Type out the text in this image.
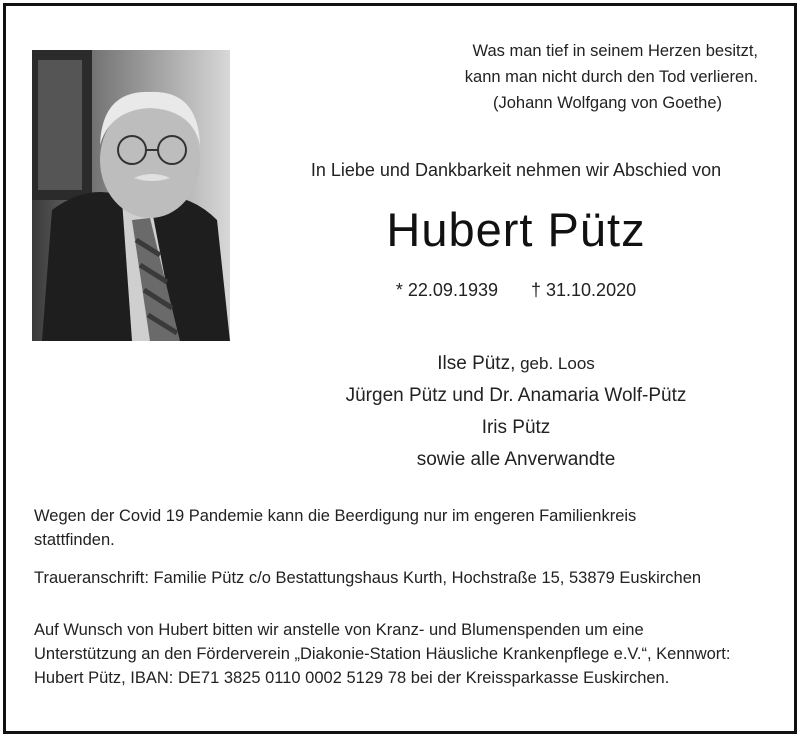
Was man tief in seinem Herzen besitzt,
kann man nicht durch den Tod verlieren.
(Johann Wolfgang von Goethe)
In Liebe und Dankbarkeit nehmen wir Abschied von
Hubert Pütz
* 22.09.1939 † 31.10.2020
Ilse Pütz, geb. Loos
Jürgen Pütz und Dr. Anamaria Wolf-Pütz
Iris Pütz
sowie alle Anverwandte
Wegen der Covid 19 Pandemie kann die Beerdigung nur im engeren Familienkreis stattfinden.
Traueranschrift: Familie Pütz c/o Bestattungshaus Kurth, Hochstraße 15, 53879 Euskirchen
Auf Wunsch von Hubert bitten wir anstelle von Kranz- und Blumenspenden um eine Unterstützung an den Förderverein „Diakonie-Station Häusliche Krankenpflege e.V.“, Kennwort: Hubert Pütz, IBAN: DE71 3825 0110 0002 5129 78 bei der Kreissparkasse Euskirchen.
